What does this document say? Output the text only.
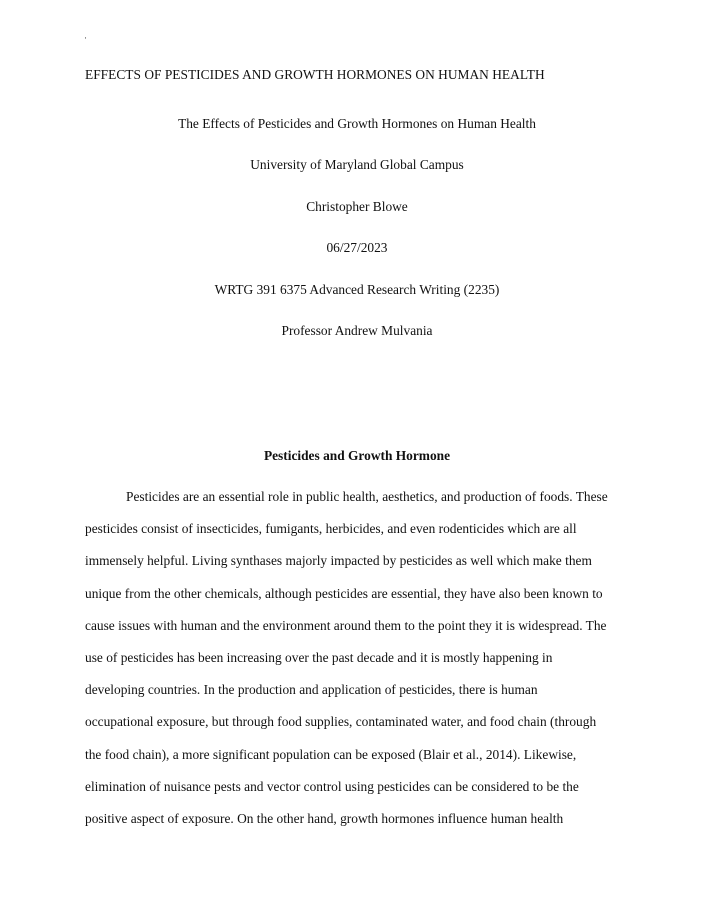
·
EFFECTS OF PESTICIDES AND GROWTH HORMONES ON HUMAN HEALTH
The Effects of Pesticides and Growth Hormones on Human Health
University of Maryland Global Campus
Christopher Blowe
06/27/2023
WRTG 391 6375 Advanced Research Writing (2235)
Professor Andrew Mulvania
Pesticides and Growth Hormone
Pesticides are an essential role in public health, aesthetics, and production of foods. These
pesticides consist of insecticides, fumigants, herbicides, and even rodenticides which are all
immensely helpful. Living synthases majorly impacted by pesticides as well which make them
unique from the other chemicals, although pesticides are essential, they have also been known to
cause issues with human and the environment around them to the point they it is widespread. The
use of pesticides has been increasing over the past decade and it is mostly happening in
developing countries. In the production and application of pesticides, there is human
occupational exposure, but through food supplies, contaminated water, and food chain (through
the food chain), a more significant population can be exposed (Blair et al., 2014). Likewise,
elimination of nuisance pests and vector control using pesticides can be considered to be the
positive aspect of exposure. On the other hand, growth hormones influence human health
